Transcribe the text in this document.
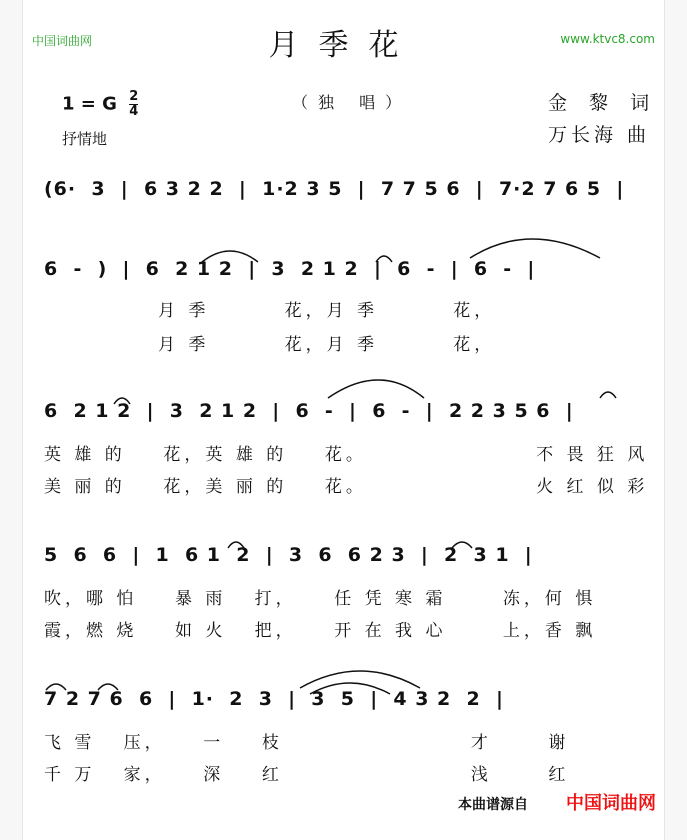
中国词曲网	www.ktvc8.com
月季花
1 = G $\frac{2}{4}$
抒情地
（独 唱）	金 黎 词
万长海 曲
(6·  3  |  6 3 2 2  |  1·2 3 5  |  7 7 5 6  |  7·2 7 6 5  |
6  -  )  |  6  2 1 2  |  3  2 1 2  |  6  -  |  6  -  |
月 季        花，月 季        花，
月 季        花，月 季        花，
6  2 1 2  |  3  2 1 2  |  6  -  |  6  -  |  2 2 3 5 6  |
英 雄 的    花，英 雄 的    花。                  不 畏 狂 风
美 丽 的    花，美 丽 的    花。                  火 红 似 彩
5  6  6  |  1  6 1  2  |  3  6  6 2 3  |  2  3 1  |
吹，哪 怕    暴 雨   打，    任 凭 寒 霜      冻，何 惧
霞，燃 烧    如 火   把，    开 在 我 心      上，香 飘
7 2 7 6  6  |  1·  2  3  |  3  5  |  4 3 2  2  |
飞 雪   压，    一    枝                    才      谢
千 万   家，    深    红                    浅      红
本曲谱源自 中国词曲网
